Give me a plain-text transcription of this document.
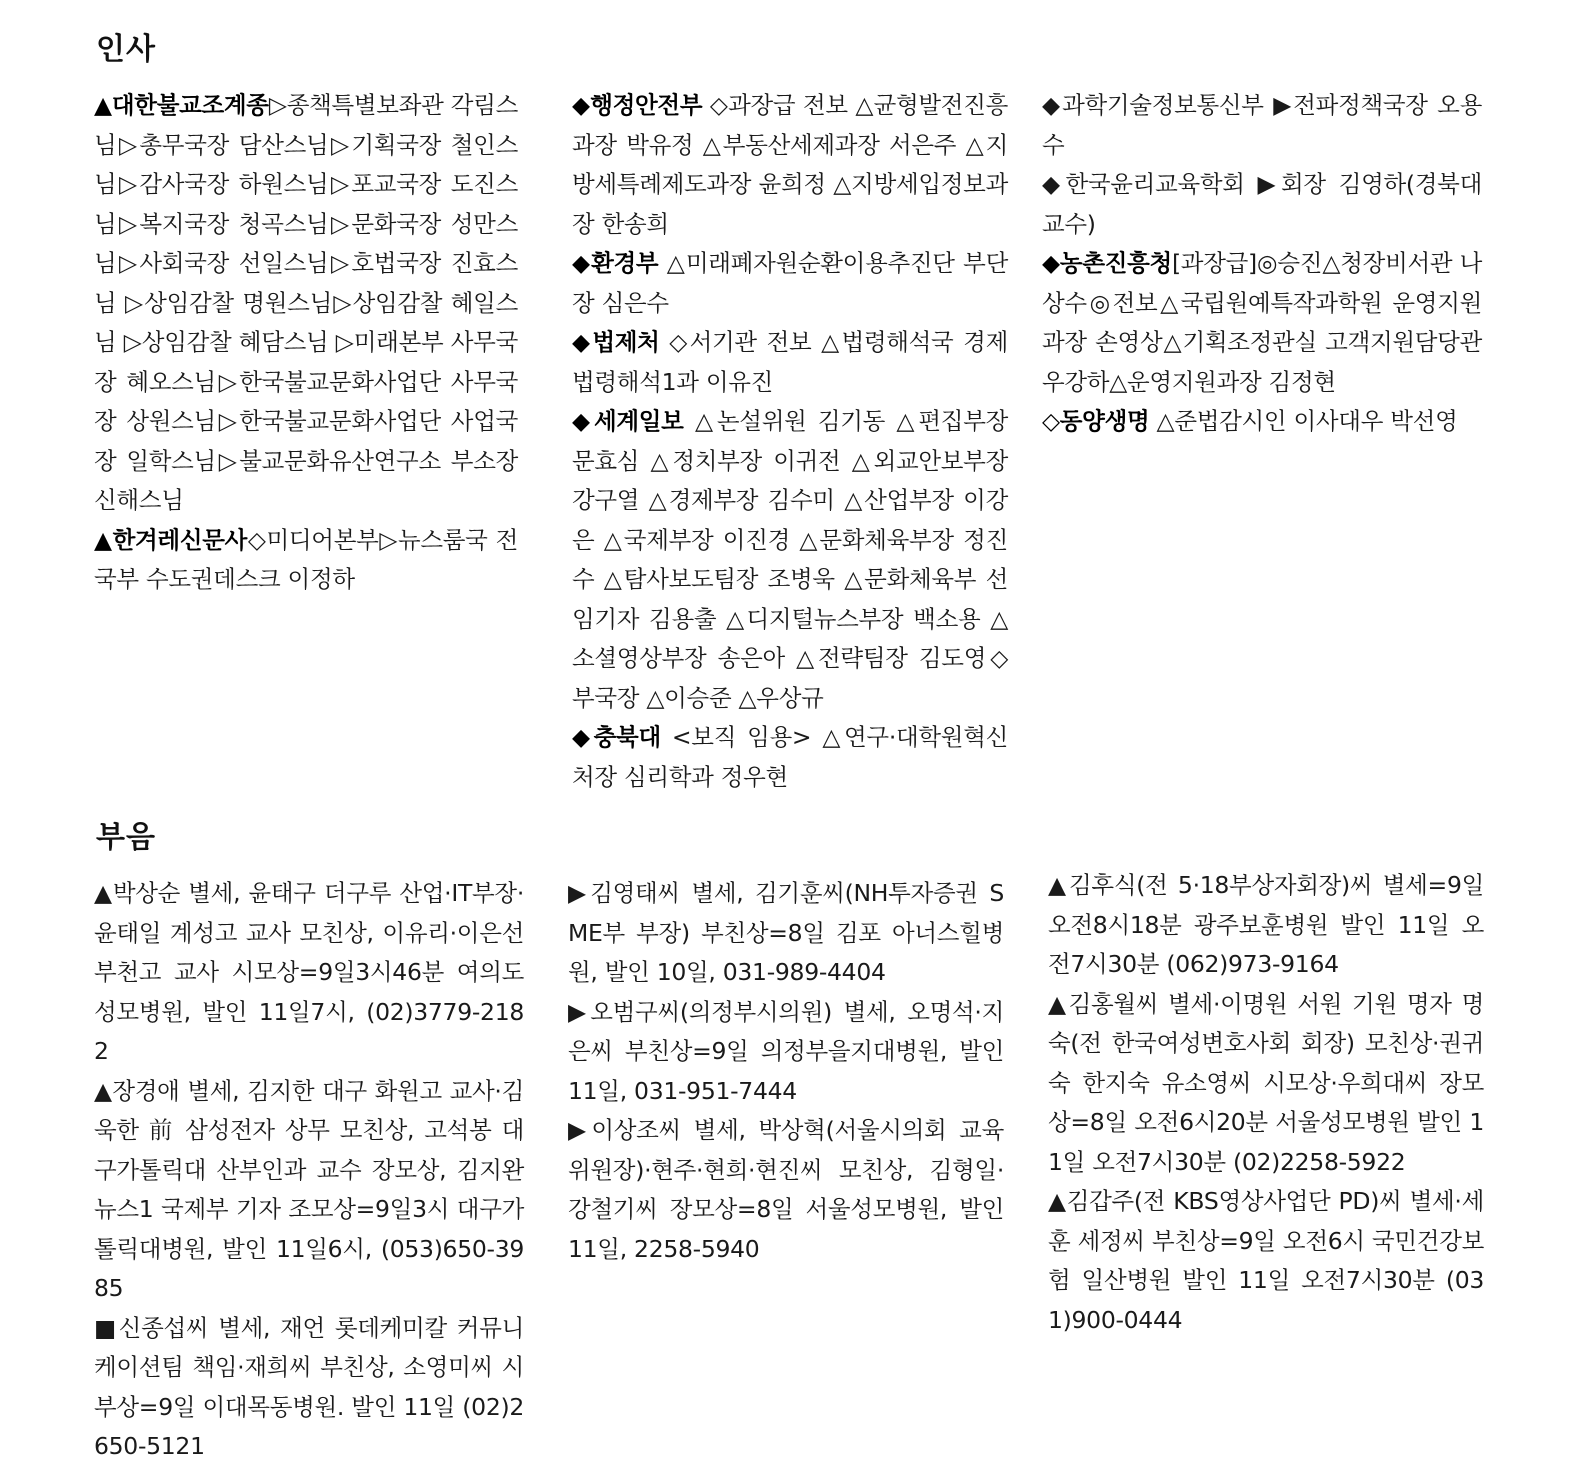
인사

▲대한불교조계종▷종책특별보좌관 각림스님▷총무국장 담산스님▷기획국장 철인스님▷감사국장 하원스님▷포교국장 도진스님▷복지국장 청곡스님▷문화국장 성만스님▷사회국장 선일스님▷호법국장 진효스님 ▷상임감찰 명원스님▷상임감찰 혜일스님 ▷상임감찰 혜담스님 ▷미래본부 사무국장 혜오스님▷한국불교문화사업단 사무국장 상원스님▷한국불교문화사업단 사업국장 일학스님▷불교문화유산연구소 부소장 신해스님

▲한겨레신문사◇미디어본부▷뉴스룸국 전국부 수도권데스크 이정하

◆행정안전부 ◇과장급 전보 △균형발전진흥과장 박유정 △부동산세제과장 서은주 △지방세특례제도과장 윤희정 △지방세입정보과장 한송희

◆환경부 △미래폐자원순환이용추진단 부단장 심은수

◆법제처 ◇서기관 전보 △법령해석국 경제법령해석1과 이유진

◆세계일보 △논설위원 김기동 △편집부장 문효심 △정치부장 이귀전 △외교안보부장 강구열 △경제부장 김수미 △산업부장 이강은 △국제부장 이진경 △문화체육부장 정진수 △탐사보도팀장 조병욱 △문화체육부 선임기자 김용출 △디지털뉴스부장 백소용 △소셜영상부장 송은아 △전략팀장 김도영◇부국장 △이승준 △우상규

◆충북대 <보직 임용> △연구·대학원혁신처장 심리학과 정우현

◆과학기술정보통신부 ▶전파정책국장 오용수

◆한국윤리교육학회 ▶회장 김영하(경북대 교수)

◆농촌진흥청[과장급]◎승진△청장비서관 나상수◎전보△국립원예특작과학원 운영지원과장 손영상△기획조정관실 고객지원담당관 우강하△운영지원과장 김정현

◇동양생명 △준법감시인 이사대우 박선영

부음

▲박상순 별세, 윤태구 더구루 산업·IT부장·윤태일 계성고 교사 모친상, 이유리·이은선 부천고 교사 시모상=9일3시46분 여의도성모병원, 발인 11일7시, (02)3779-2182

▲장경애 별세, 김지한 대구 화원고 교사·김욱한 前 삼성전자 상무 모친상, 고석봉 대구가톨릭대 산부인과 교수 장모상, 김지완 뉴스1 국제부 기자 조모상=9일3시 대구가톨릭대병원, 발인 11일6시, (053)650-3985

■신종섭씨 별세, 재언 롯데케미칼 커뮤니케이션팀 책임·재희씨 부친상, 소영미씨 시부상=9일 이대목동병원. 발인 11일 (02)2650-5121

▶김영태씨 별세, 김기훈씨(NH투자증권 SME부 부장) 부친상=8일 김포 아너스힐병원, 발인 10일, 031-989-4404

▶오범구씨(의정부시의원) 별세, 오명석·지은씨 부친상=9일 의정부을지대병원, 발인 11일, 031-951-7444

▶이상조씨 별세, 박상혁(서울시의회 교육위원장)·현주·현희·현진씨 모친상, 김형일·강철기씨 장모상=8일 서울성모병원, 발인 11일, 2258-5940

▲김후식(전 5·18부상자회장)씨 별세=9일 오전8시18분 광주보훈병원 발인 11일 오전7시30분 (062)973-9164

▲김홍월씨 별세·이명원 서원 기원 명자 명숙(전 한국여성변호사회 회장) 모친상·권귀숙 한지숙 유소영씨 시모상·우희대씨 장모상=8일 오전6시20분 서울성모병원 발인 11일 오전7시30분 (02)2258-5922

▲김갑주(전 KBS영상사업단 PD)씨 별세·세훈 세정씨 부친상=9일 오전6시 국민건강보험 일산병원 발인 11일 오전7시30분 (031)900-0444
